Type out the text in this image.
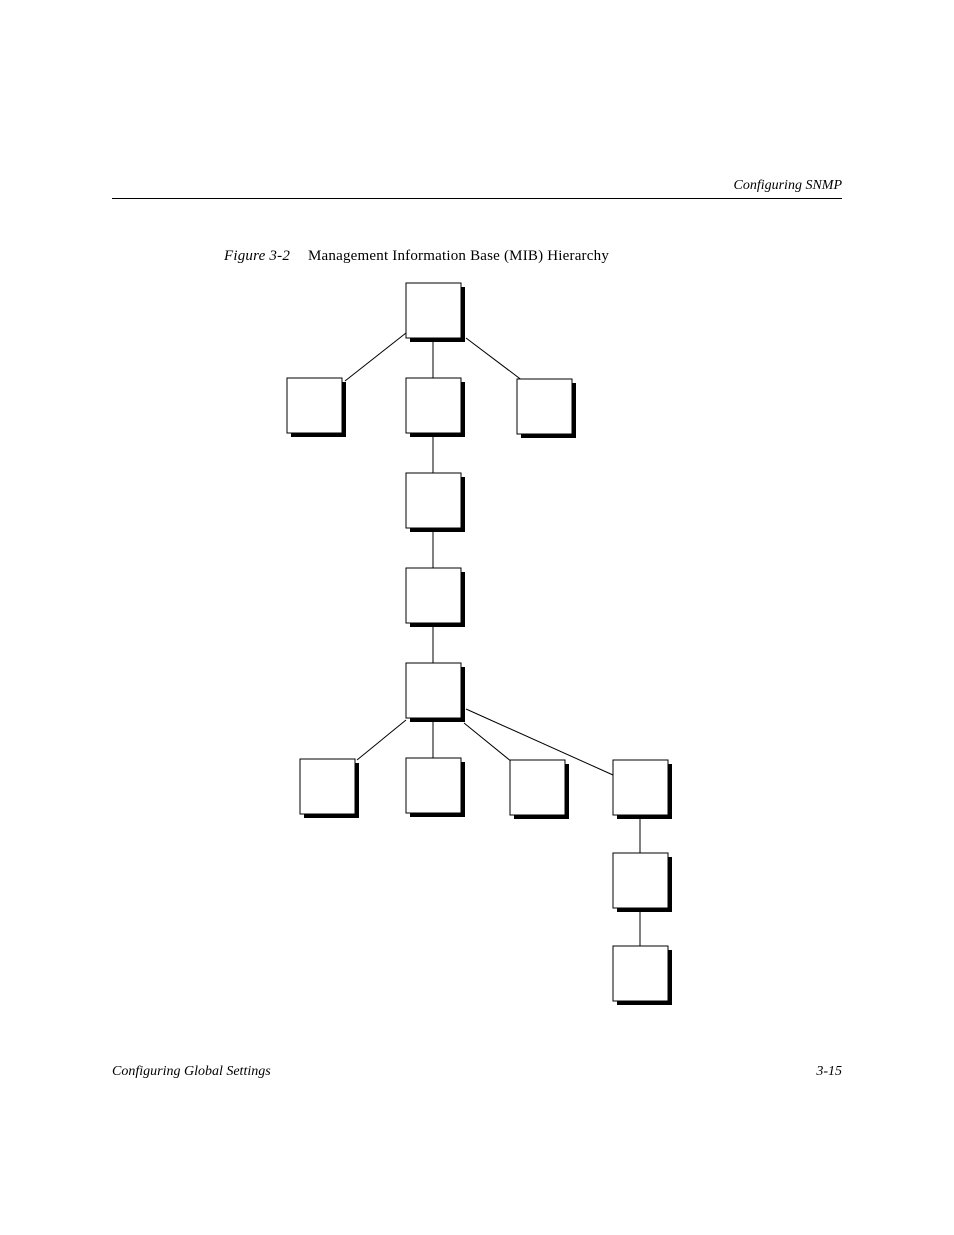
Configuring SNMP
Figure 3-2 Management Information Base (MIB) Hierarchy
Configuring Global Settings	3-15
